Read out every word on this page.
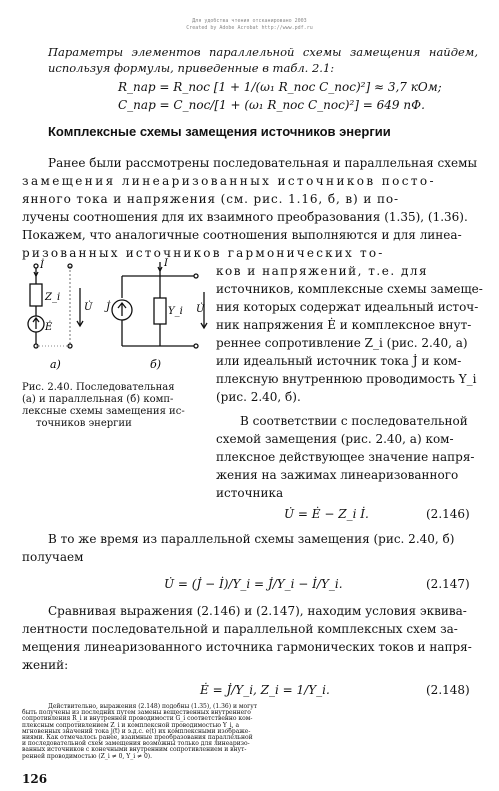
Для удобства чтения отсканировано 2003
Created by Adobe Acrobat http://www.pdf.ru
Параметры элементов параллельной схемы замещения найдем, используя формулы, приведенные в табл. 2.1:
R_пар = R_пос [1 + 1/(ω₁ R_пос C_пос)²] ≈ 3,7 кОм;
C_пар = C_пос/[1 + (ω₁ R_пос C_пос)²] = 649 пФ.
Комплексные схемы замещения источников энергии
Ранее были рассмотрены последовательная и параллельная схемы
замещения линеаризованных источников посто-
янного тока и напряжения (см. рис. 1.16, б, в) и по-
лучены соотношения для их взаимного преобразования (1.35), (1.36).
Покажем, что аналогичные соотношения выполняются и для линеа-
ризованных источников гармонических то-
ков и напряжений, т.е. для
источников, комплексные схемы замеще-
ния которых содержат идеальный источ-
ник напряжения Ė и комплексное внут-
реннее сопротивление Z_i (рис. 2.40, а)
или идеальный источник тока J̇ и ком-
плексную внутреннюю проводимость Y_i
(рис. 2.40, б).
В соответствии с последовательной
схемой замещения (рис. 2.40, а) ком-
плексное действующее значение напря-
жения на зажимах линеаризованного
источника
İ
Z_i
Ė
U̇
а)
J̇	Y_i
İ
U̇
б)
Рис. 2.40. Последовательная
(а) и параллельная (б) комп-
лексные схемы замещения ис-
точников энергии
U̇ = Ė − Z_i İ.	(2.146)
В то же время из параллельной схемы замещения (рис. 2.40, б)
получаем
U̇ = (J̇ − İ)/Y_i = J̇/Y_i − İ/Y_i.	(2.147)
Сравнивая выражения (2.146) и (2.147), находим условия эквива-
лентности последовательной и параллельной комплексных схем за-
мещения линеаризованного источника гармонических токов и напря-
жений:
Ė = J̇/Y_i, Z_i = 1/Y_i.	(2.148)
Действительно, выражения (2.148) подобны (1.35), (1.36) и могут
быть получены из последних путем замены вещественных внутреннего
сопротивления R_i и внутренней проводимости G_i соответственно ком-
плексным сопротивлением Z_i и комплексной проводимостью Y_i, а
мгновенных значений тока j(t) и э.д.с. e(t) их комплексными изображе-
ниями. Как отмечалось ранее, взаимные преобразования параллельной
и последовательной схем замещения возможны только для линеаризо-
ванных источников с конечными внутренним сопротивлением и внут-
ренней проводимостью (Z_i ≠ 0, Y_i ≠ 0).
126
